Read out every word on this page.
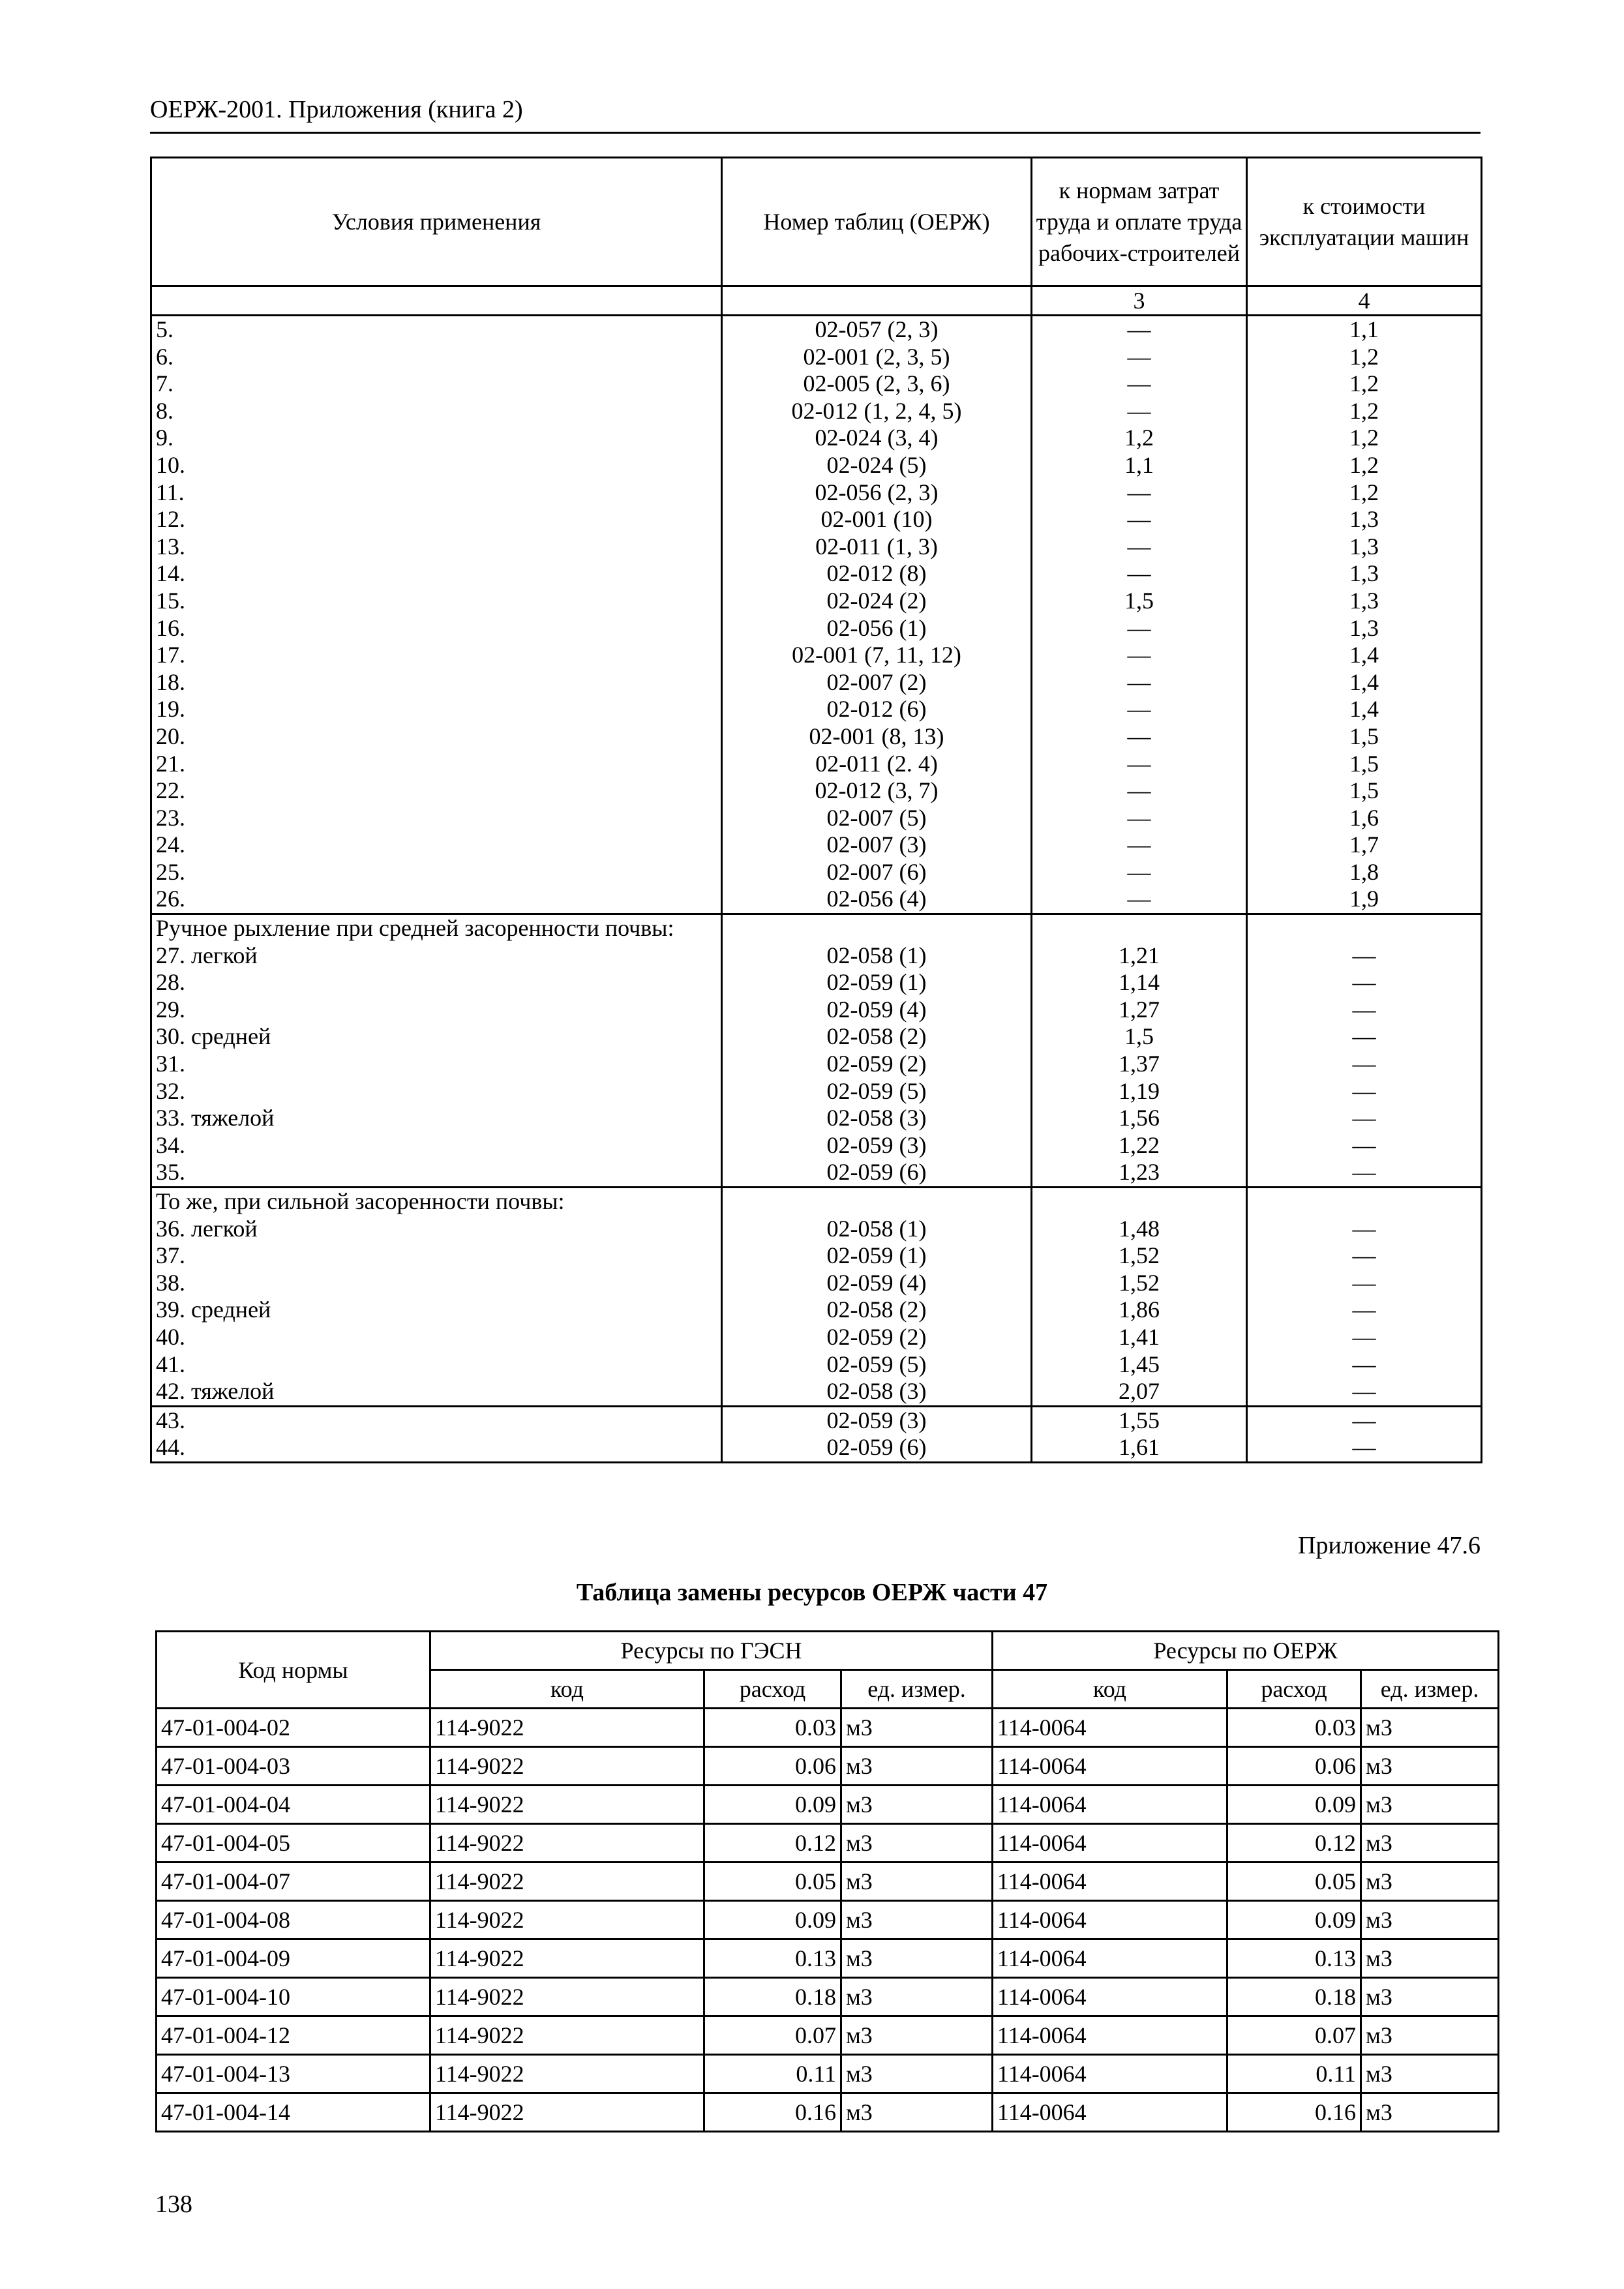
ОЕРЖ-2001. Приложения (книга 2)
Условия применения	Номер таблиц (ОЕРЖ)	к нормам затрат труда и оплате труда рабочих-строителей	к стоимости эксплуатации машин
		3	4
5.	02-057 (2, 3)	—	1,1
6.	02-001 (2, 3, 5)	—	1,2
7.	02-005 (2, 3, 6)	—	1,2
8.	02-012 (1, 2, 4, 5)	—	1,2
9.	02-024 (3, 4)	1,2	1,2
10.	02-024 (5)	1,1	1,2
11.	02-056 (2, 3)	—	1,2
12.	02-001 (10)	—	1,3
13.	02-011 (1, 3)	—	1,3
14.	02-012 (8)	—	1,3
15.	02-024 (2)	1,5	1,3
16.	02-056 (1)	—	1,3
17.	02-001 (7, 11, 12)	—	1,4
18.	02-007 (2)	—	1,4
19.	02-012 (6)	—	1,4
20.	02-001 (8, 13)	—	1,5
21.	02-011 (2. 4)	—	1,5
22.	02-012 (3, 7)	—	1,5
23.	02-007 (5)	—	1,6
24.	02-007 (3)	—	1,7
25.	02-007 (6)	—	1,8
26.	02-056 (4)	—	1,9
Ручное рыхление при средней засоренности почвы:			
27. легкой	02-058 (1)	1,21	—
28.	02-059 (1)	1,14	—
29.	02-059 (4)	1,27	—
30. средней	02-058 (2)	1,5	—
31.	02-059 (2)	1,37	—
32.	02-059 (5)	1,19	—
33. тяжелой	02-058 (3)	1,56	—
34.	02-059 (3)	1,22	—
35.	02-059 (6)	1,23	—
То же, при сильной засоренности почвы:			
36. легкой	02-058 (1)	1,48	—
37.	02-059 (1)	1,52	—
38.	02-059 (4)	1,52	—
39. средней	02-058 (2)	1,86	—
40.	02-059 (2)	1,41	—
41.	02-059 (5)	1,45	—
42. тяжелой	02-058 (3)	2,07	—
43.	02-059 (3)	1,55	—
44.	02-059 (6)	1,61	—
Приложение 47.6
Таблица замены ресурсов ОЕРЖ части 47
Код нормы	Ресурсы по ГЭСН			Ресурсы по ОЕРЖ		
	код	расход	ед. измер.	код	расход	ед. измер.
47-01-004-02	114-9022	0.03	м3	114-0064	0.03	м3
47-01-004-03	114-9022	0.06	м3	114-0064	0.06	м3
47-01-004-04	114-9022	0.09	м3	114-0064	0.09	м3
47-01-004-05	114-9022	0.12	м3	114-0064	0.12	м3
47-01-004-07	114-9022	0.05	м3	114-0064	0.05	м3
47-01-004-08	114-9022	0.09	м3	114-0064	0.09	м3
47-01-004-09	114-9022	0.13	м3	114-0064	0.13	м3
47-01-004-10	114-9022	0.18	м3	114-0064	0.18	м3
47-01-004-12	114-9022	0.07	м3	114-0064	0.07	м3
47-01-004-13	114-9022	0.11	м3	114-0064	0.11	м3
47-01-004-14	114-9022	0.16	м3	114-0064	0.16	м3
138
